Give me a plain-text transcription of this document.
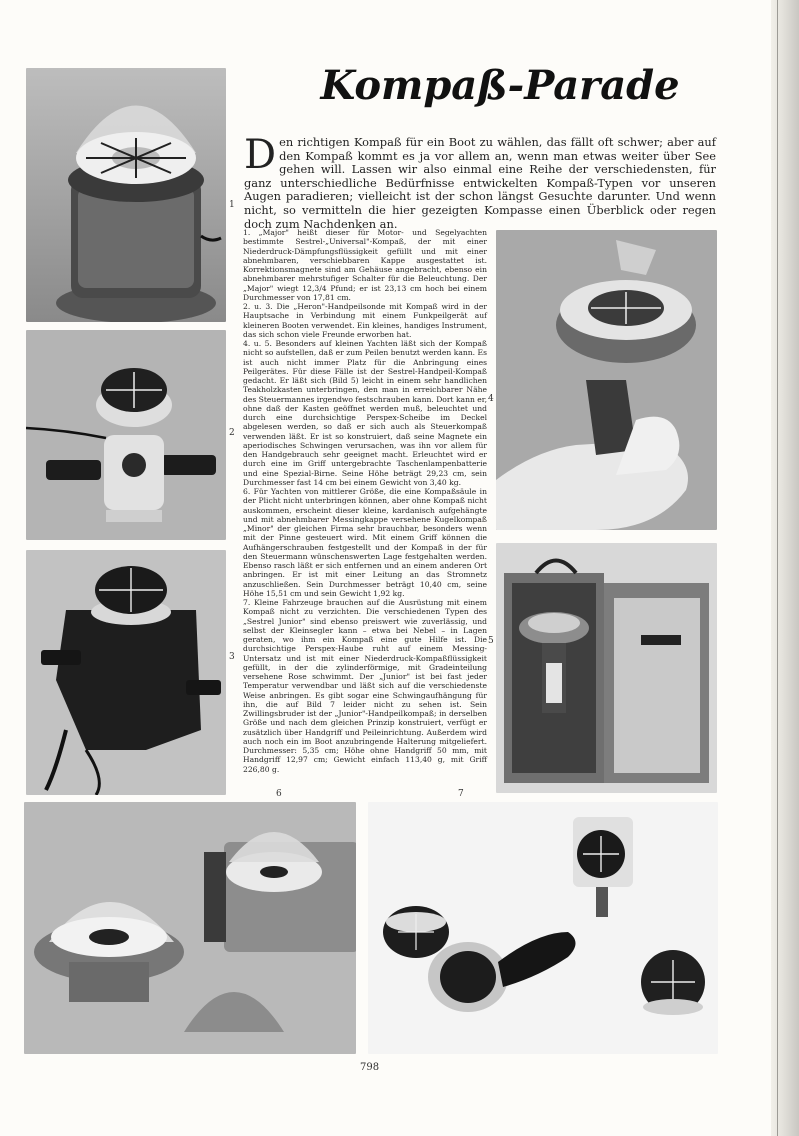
Kompaß-Parade
Den richtigen Kompaß für ein Boot zu wählen, das fällt oft schwer; aber auf den Kompaß kommt es ja vor allem an, wenn man etwas weiter über See gehen will. Lassen wir also einmal eine Reihe der verschiedensten, für ganz unterschiedliche Bedürfnisse entwickelten Kompaß-Typen vor unseren Augen paradieren; vielleicht ist der schon längst Gesuchte darunter. Und wenn nicht, so vermitteln die hier gezeigten Kompasse einen Überblick oder regen doch zum Nachdenken an.

1. „Major" heißt dieser für Motor- und Segelyachten bestimmte Sestrel-„Universal"-Kompaß, der mit einer Niederdruck-Dämpfungsflüssigkeit gefüllt und mit einer abnehmbaren, verschiebbaren Kappe ausgestattet ist. Korrektionsmagnete sind am Gehäuse angebracht, ebenso ein abnehmbarer mehrstufiger Schalter für die Beleuchtung. Der „Major" wiegt 12,3/4 Pfund; er ist 23,13 cm hoch bei einem Durchmesser von 17,81 cm.

2. u. 3. Die „Heron"-Handpeilsonde mit Kompaß wird in der Hauptsache in Verbindung mit einem Funkpeilgerät auf kleineren Booten verwendet. Ein kleines, handiges Instrument, das sich schon viele Freunde erworben hat.

4. u. 5. Besonders auf kleinen Yachten läßt sich der Kompaß nicht so aufstellen, daß er zum Peilen benutzt werden kann. Es ist auch nicht immer Platz für die Anbringung eines Peilgerätes. Für diese Fälle ist der Sestrel-Handpeil-Kompaß gedacht. Er läßt sich (Bild 5) leicht in einem sehr handlichen Teakholzkasten unterbringen, den man in erreichbarer Nähe des Steuermannes irgendwo festschrauben kann. Dort kann er, ohne daß der Kasten geöffnet werden muß, beleuchtet und durch eine durchsichtige Perspex-Scheibe im Deckel abgelesen werden, so daß er sich auch als Steuerkompaß verwenden läßt. Er ist so konstruiert, daß seine Magnete ein aperiodisches Schwingen verursachen, was ihn vor allem für den Handgebrauch sehr geeignet macht. Erleuchtet wird er durch eine im Griff untergebrachte Taschenlampenbatterie und eine Spezial-Birne. Seine Höhe beträgt 29,23 cm, sein Durchmesser fast 14 cm bei einem Gewicht von 3,40 kg.

6. Für Yachten von mittlerer Größe, die eine Kompaßsäule in der Plicht nicht unterbringen können, aber ohne Kompaß nicht auskommen, erscheint dieser kleine, kardanisch aufgehängte und mit abnehmbarer Messingkappe versehene Kugelkompaß „Minor" der gleichen Firma sehr brauchbar, besonders wenn mit der Pinne gesteuert wird. Mit einem Griff können die Aufhängerschrauben festgestellt und der Kompaß in der für den Steuermann wünschenswerten Lage festgehalten werden. Ebenso rasch läßt er sich entfernen und an einem anderen Ort anbringen. Er ist mit einer Leitung an das Stromnetz anzuschließen. Sein Durchmesser beträgt 10,40 cm, seine Höhe 15,51 cm und sein Gewicht 1,92 kg.

7. Kleine Fahrzeuge brauchen auf die Ausrüstung mit einem Kompaß nicht zu verzichten. Die verschiedenen Typen des „Sestrel Junior" sind ebenso preiswert wie zuverlässig, und selbst der Kleinsegler kann – etwa bei Nebel – in Lagen geraten, wo ihm ein Kompaß eine gute Hilfe ist. Die durchsichtige Perspex-Haube ruht auf einem Messing-Untersatz und ist mit einer Niederdruck-Kompaßflüssigkeit gefüllt, in der die zylinderförmige, mit Gradeinteilung versehene Rose schwimmt. Der „Junior" ist bei fast jeder Temperatur verwendbar und läßt sich auf die verschiedenste Weise anbringen. Es gibt sogar eine Schwingaufhängung für ihn, die auf Bild 7 leider nicht zu sehen ist. Sein Zwillingsbruder ist der „Junior"-Handpeilkompaß; in derselben Größe und nach dem gleichen Prinzip konstruiert, verfügt er zusätzlich über Handgriff und Peileinrichtung. Außerdem wird auch noch ein im Boot anzubringende Halterung mitgeliefert. Durchmesser: 5,35 cm; Höhe ohne Handgriff 50 mm, mit Handgriff 12,97 cm; Gewicht einfach 113,40 g, mit Griff 226,80 g.

1
2
3
4
5
6	7
798
